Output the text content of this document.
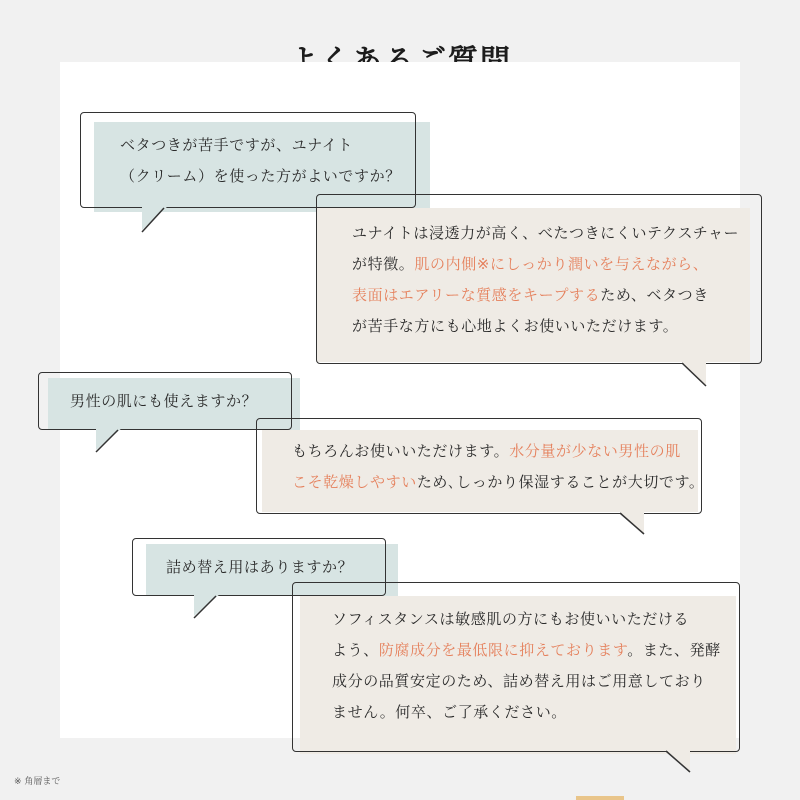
ベタつきが苦手ですが、ユナイト
（クリーム）を使った方がよいですか？
ユナイトは浸透力が高く、べたつきにくいテクスチャー
が特徴。肌の内側※にしっかり潤いを与えながら、
表面はエアリーな質感をキープするため、ベタつき
が苦手な方にも心地よくお使いいただけます。
男性の肌にも使えますか？
もちろんお使いいただけます。水分量が少ない男性の肌
こそ乾燥しやすいため､しっかり保湿することが大切です。
詰め替え用はありますか？
ソフィスタンスは敏感肌の方にもお使いいただける
よう、防腐成分を最低限に抑えております。また、発酵
成分の品質安定のため、詰め替え用はご用意しており
ません。何卒、ご了承ください。
※ 角層まで
